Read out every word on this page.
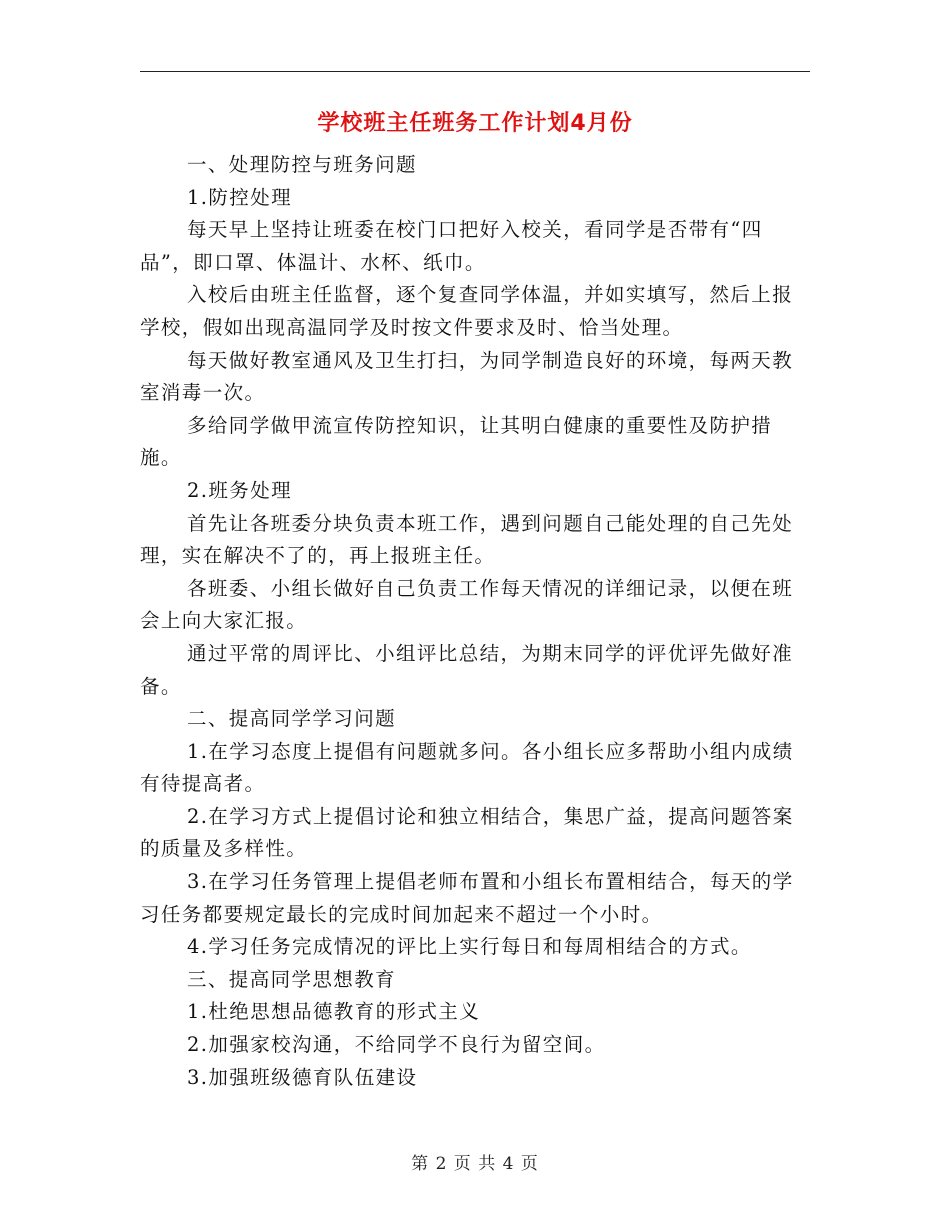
学校班主任班务工作计划4月份

一、处理防控与班务问题

1.防控处理

每天早上坚持让班委在校门口把好入校关，看同学是否带有“四品”，即口罩、体温计、水杯、纸巾。

入校后由班主任监督，逐个复查同学体温，并如实填写，然后上报学校，假如出现高温同学及时按文件要求及时、恰当处理。

每天做好教室通风及卫生打扫，为同学制造良好的环境，每两天教室消毒一次。

多给同学做甲流宣传防控知识，让其明白健康的重要性及防护措施。

2.班务处理

首先让各班委分块负责本班工作，遇到问题自己能处理的自己先处理，实在解决不了的，再上报班主任。

各班委、小组长做好自己负责工作每天情况的详细记录，以便在班会上向大家汇报。

通过平常的周评比、小组评比总结，为期末同学的评优评先做好准备。

二、提高同学学习问题

1.在学习态度上提倡有问题就多问。各小组长应多帮助小组内成绩有待提高者。

2.在学习方式上提倡讨论和独立相结合，集思广益，提高问题答案的质量及多样性。

3.在学习任务管理上提倡老师布置和小组长布置相结合，每天的学习任务都要规定最长的完成时间加起来不超过一个小时。

4.学习任务完成情况的评比上实行每日和每周相结合的方式。

三、提高同学思想教育

1.杜绝思想品德教育的形式主义

2.加强家校沟通，不给同学不良行为留空间。

3.加强班级德育队伍建设

第 2 页 共 4 页
